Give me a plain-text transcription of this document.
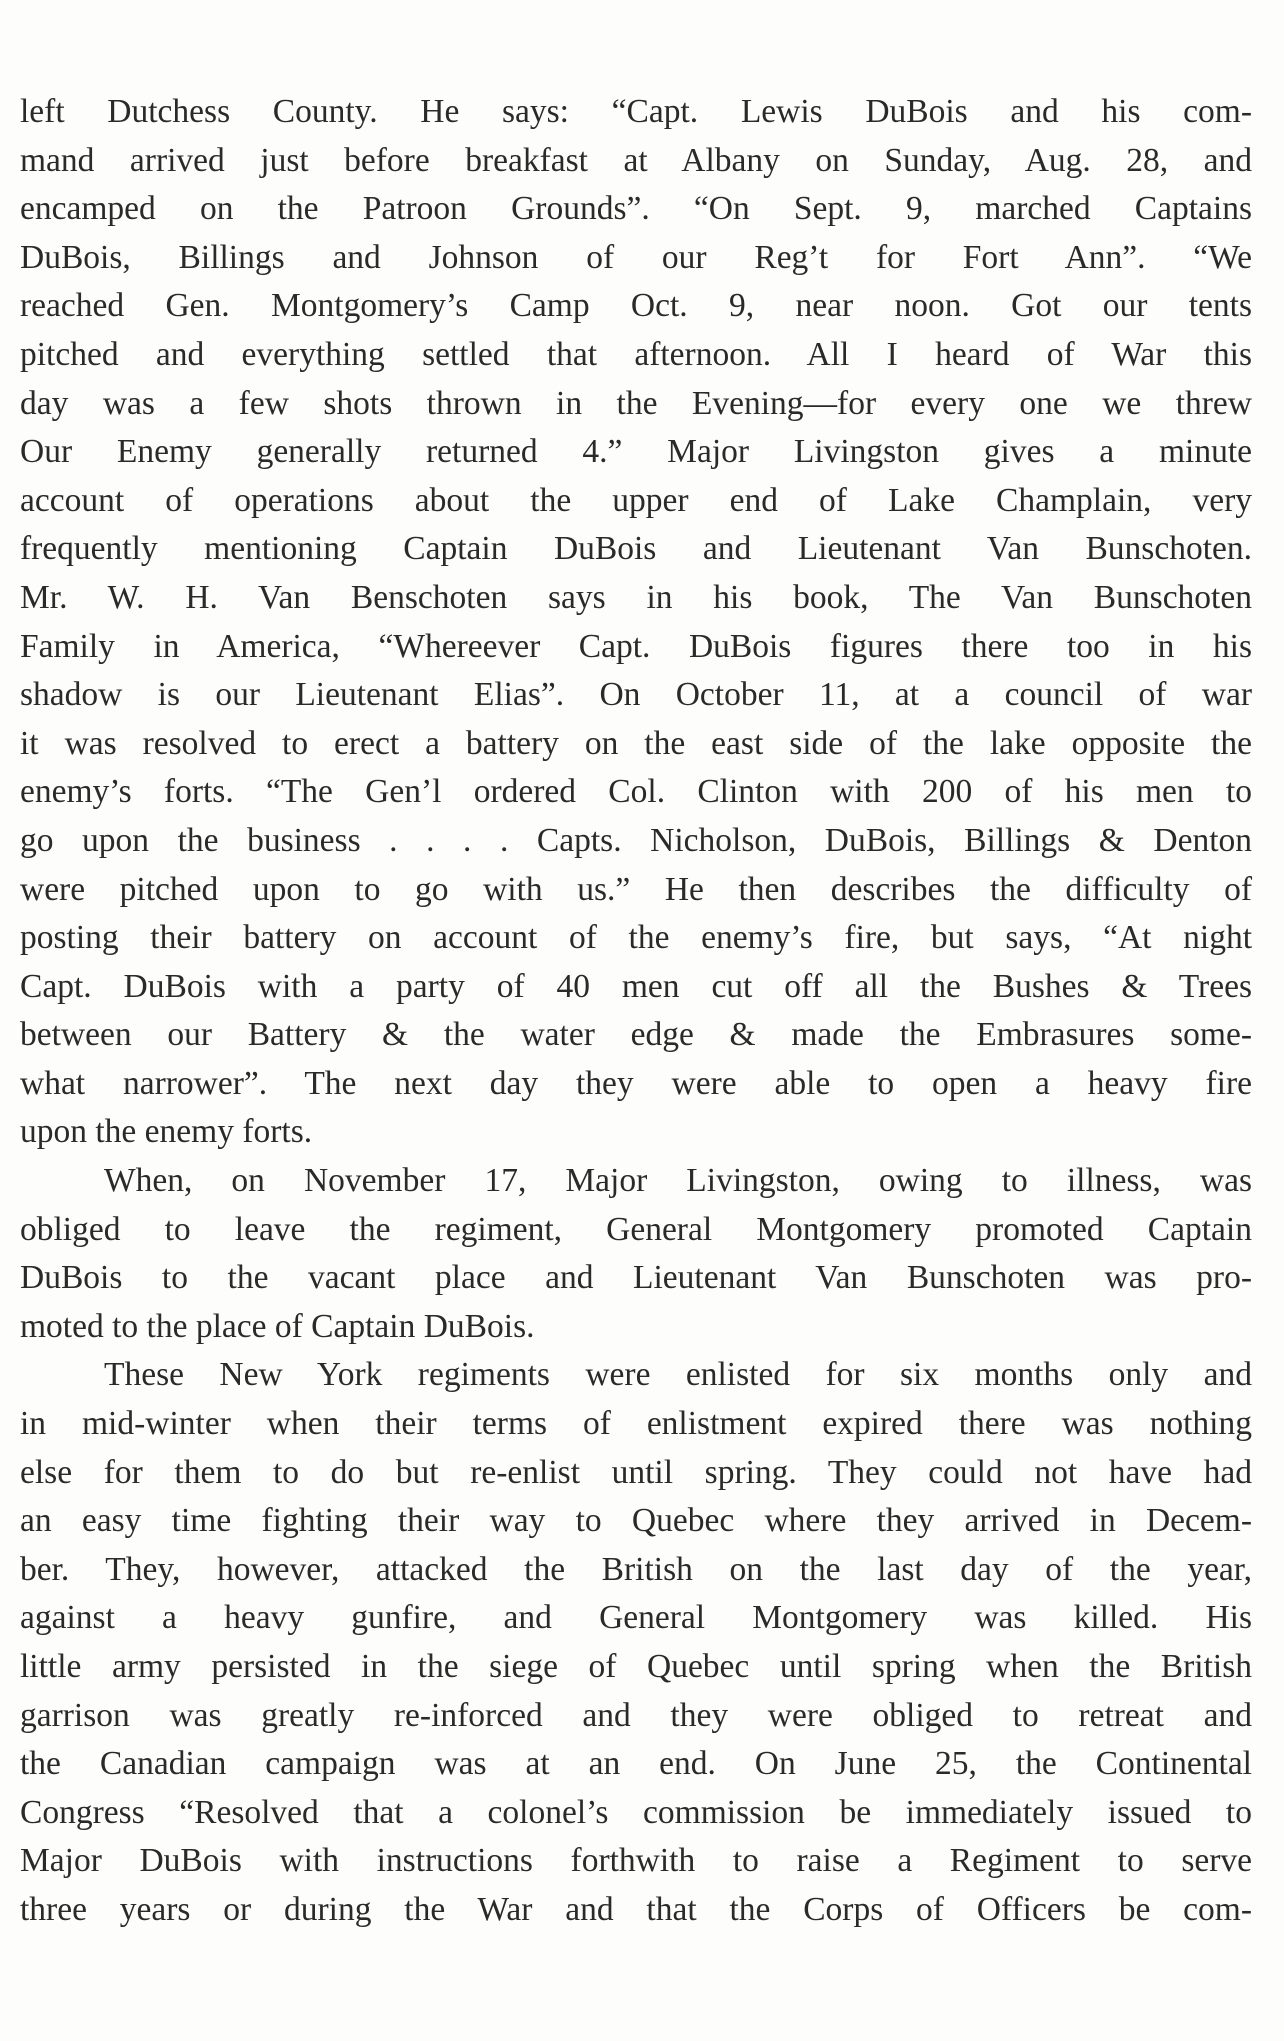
left Dutchess County. He says: “Capt. Lewis DuBois and his com-
mand arrived just before breakfast at Albany on Sunday, Aug. 28, and
encamped on the Patroon Grounds”. “On Sept. 9, marched Captains
DuBois, Billings and Johnson of our Reg’t for Fort Ann”. “We
reached Gen. Montgomery’s Camp Oct. 9, near noon. Got our tents
pitched and everything settled that afternoon. All I heard of War this
day was a few shots thrown in the Evening—for every one we threw
Our Enemy generally returned 4.” Major Livingston gives a minute
account of operations about the upper end of Lake Champlain, very
frequently mentioning Captain DuBois and Lieutenant Van Bunschoten.
Mr. W. H. Van Benschoten says in his book, The Van Bunschoten
Family in America, “Whereever Capt. DuBois figures there too in his
shadow is our Lieutenant Elias”. On October 11, at a council of war
it was resolved to erect a battery on the east side of the lake opposite the
enemy’s forts. “The Gen’l ordered Col. Clinton with 200 of his men to
go upon the business . . . . Capts. Nicholson, DuBois, Billings & Denton
were pitched upon to go with us.” He then describes the difficulty of
posting their battery on account of the enemy’s fire, but says, “At night
Capt. DuBois with a party of 40 men cut off all the Bushes & Trees
between our Battery & the water edge & made the Embrasures some-
what narrower”. The next day they were able to open a heavy fire
upon the enemy forts.
When, on November 17, Major Livingston, owing to illness, was
obliged to leave the regiment, General Montgomery promoted Captain
DuBois to the vacant place and Lieutenant Van Bunschoten was pro-
moted to the place of Captain DuBois.
These New York regiments were enlisted for six months only and
in mid-winter when their terms of enlistment expired there was nothing
else for them to do but re-enlist until spring. They could not have had
an easy time fighting their way to Quebec where they arrived in Decem-
ber. They, however, attacked the British on the last day of the year,
against a heavy gunfire, and General Montgomery was killed. His
little army persisted in the siege of Quebec until spring when the British
garrison was greatly re-inforced and they were obliged to retreat and
the Canadian campaign was at an end. On June 25, the Continental
Congress “Resolved that a colonel’s commission be immediately issued to
Major DuBois with instructions forthwith to raise a Regiment to serve
three years or during the War and that the Corps of Officers be com-
